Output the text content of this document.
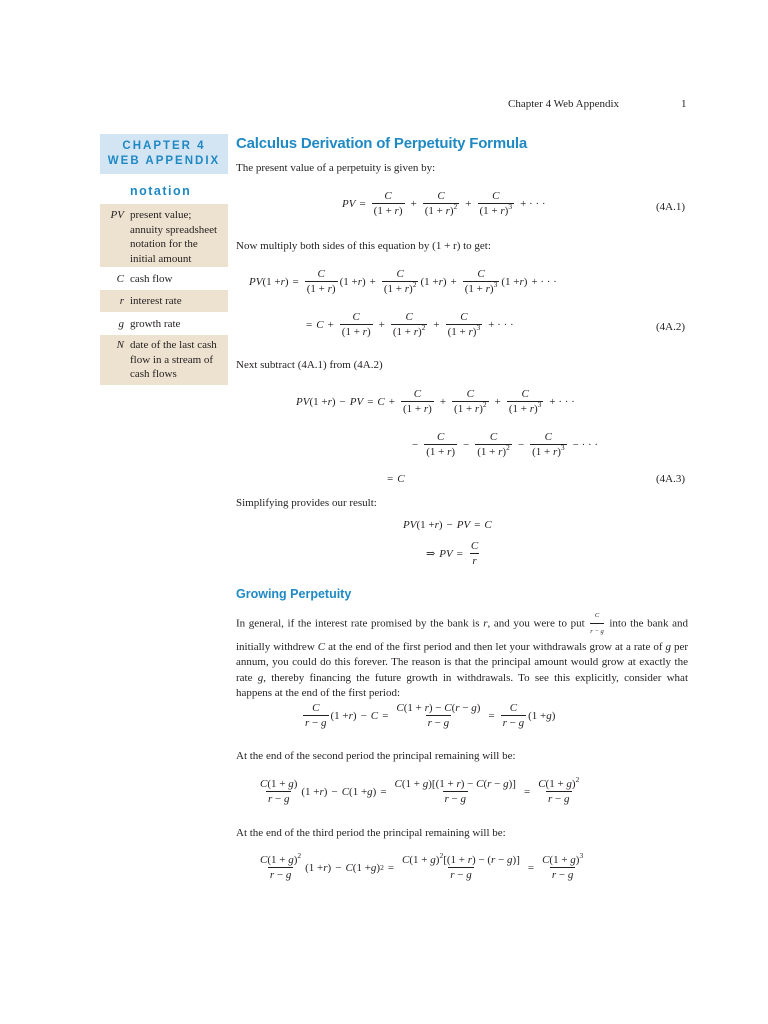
Chapter 4 Web Appendix	1
CHAPTER 4
WEB APPENDIX
notation
PV present value; annuity spreadsheet notation for the initial amount
C cash flow
r interest rate
g growth rate
N date of the last cash flow in a stream of cash flows
Calculus Derivation of Perpetuity Formula
The present value of a perpetuity is given by:
PV = $\frac{C}{(1 + r)} + \frac{C}{(1 + r)^2} + \frac{C}{(1 + r)^3}$ + · · ·	(4A.1)
Now multiply both sides of this equation by (1 + r) to get:
PV (1 + r ) = $\frac{C}{(1 + r)} (1 + r$ ) + $\frac{C}{(1 + r)^2} (1 + r$ ) + $\frac{C}{(1 + r)^3} (1 + r$ ) + · · ·
= $C + \frac{C}{(1 + r)} + \frac{C}{(1 + r)^2} + \frac{C}{(1 + r)^3}$ + · · ·	(4A.2)
Next subtract (4A.1) from (4A.2)
PV (1 + r ) − PV = $C + \frac{C}{(1 + r)} + \frac{C}{(1 + r)^2} + \frac{C}{(1 + r)^3}$ + · · ·
− $\frac{C}{(1 + r)} - \frac{C}{(1 + r)^2} - \frac{C}{(1 + r)^3}$ − · · ·
= C	(4A.3)
Simplifying provides our result:
PV (1 + r ) − PV = C
⇒ PV = $\frac{C}{r}$
Growing Perpetuity
In general, if the interest rate promised by the bank is r, and you were to put $\frac{C}{r - g}$ into the bank and initially withdrew C at the end of the first period and then let your withdrawals grow at a rate of g per annum, you could do this forever. The reason is that the principal amount would grow at exactly the rate g, thereby financing the future growth in withdrawals. To see this explicitly, consider what happens at the end of the first period:
$\frac{C}{r - g} (1 + r$ ) − $C = \frac{C(1 + r) - C(r - g)}{r - g} = \frac{C}{r - g} (1 + g$ )
At the end of the second period the principal remaining will be:
$\frac{C(1 + g)}{r - g} (1 + r$ ) − C (1 + g ) = $\frac{C(1 + g)[(1 + r) - C(r - g)]}{r - g} = \frac{C(1 + g)^2}{r - g}$
At the end of the third period the principal remaining will be:
$\frac{C(1 + g)^2}{r - g} (1 + r$ ) − C (1 + g ) $2 = \frac{C(1 + g)^2[(1 + r) - (r - g)]}{r - g} = \frac{C(1 + g)^3}{r - g}$
